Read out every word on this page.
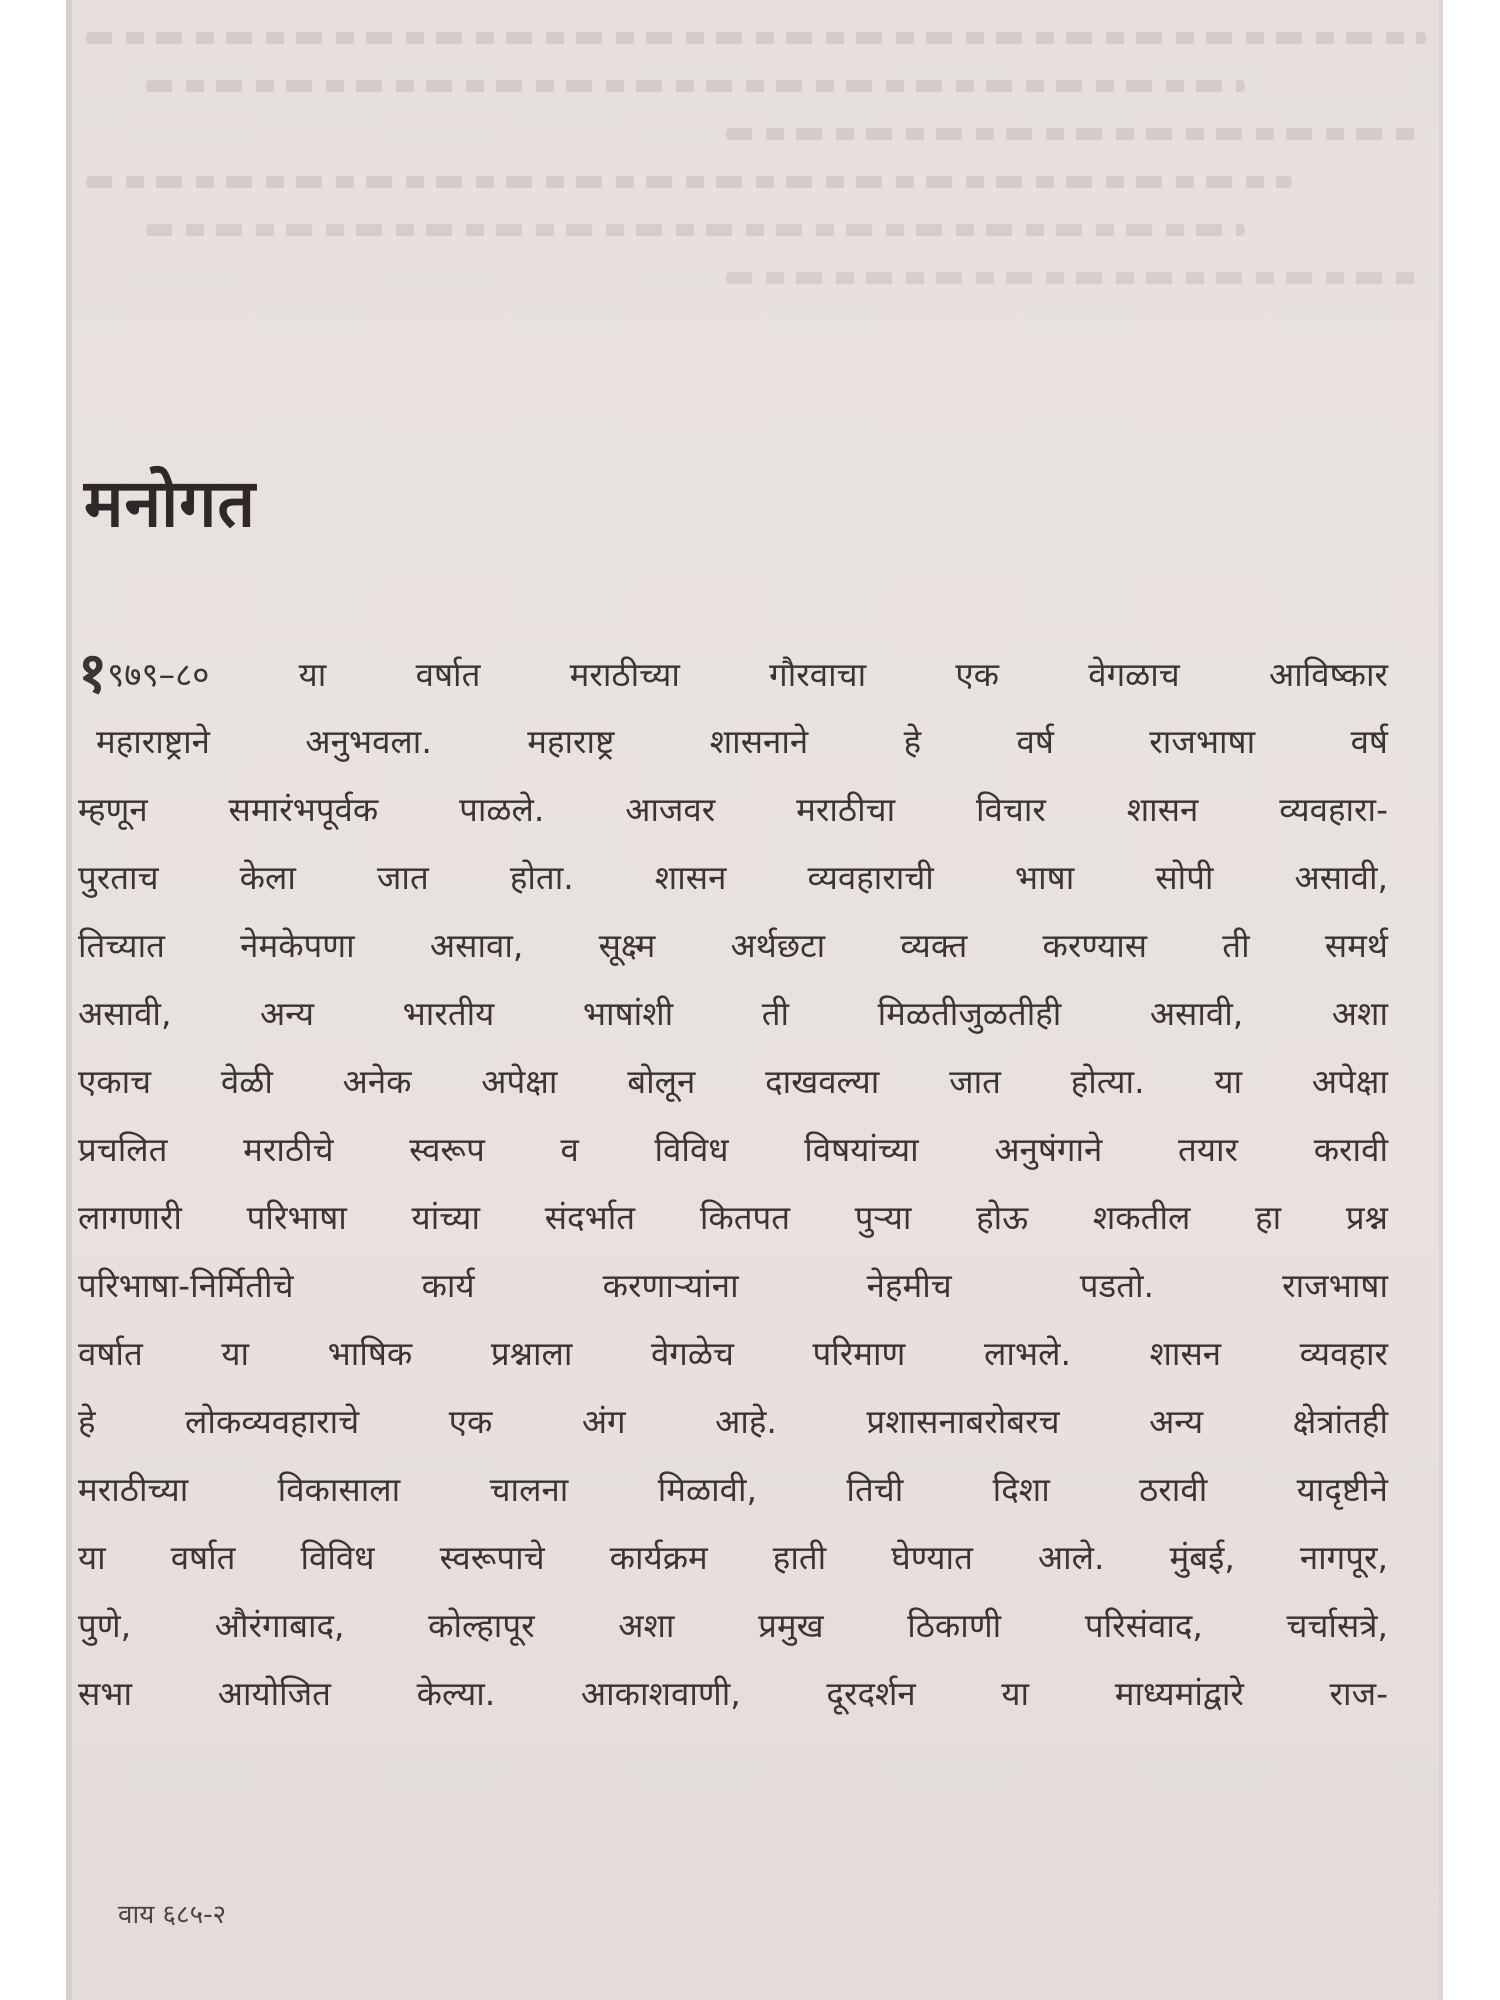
मनोगत
१९७९–८० या वर्षात मराठीच्या गौरवाचा एक वेगळाच आविष्कार
महाराष्ट्राने अनुभवला. महाराष्ट्र शासनाने हे वर्ष राजभाषा वर्ष
म्हणून समारंभपूर्वक पाळले. आजवर मराठीचा विचार शासन व्यवहारा-
पुरताच केला जात होता. शासन व्यवहाराची भाषा सोपी असावी,
तिच्यात नेमकेपणा असावा, सूक्ष्म अर्थछटा व्यक्त करण्यास ती समर्थ
असावी, अन्य भारतीय भाषांशी ती मिळतीजुळतीही असावी, अशा
एकाच वेळी अनेक अपेक्षा बोलून दाखवल्या जात होत्या. या अपेक्षा
प्रचलित मराठीचे स्वरूप व विविध विषयांच्या अनुषंगाने तयार करावी
लागणारी परिभाषा यांच्या संदर्भात कितपत पुऱ्या होऊ शकतील हा प्रश्न
परिभाषा-निर्मितीचे कार्य करणाऱ्यांना नेहमीच पडतो. राजभाषा
वर्षात या भाषिक प्रश्नाला वेगळेच परिमाण लाभले. शासन व्यवहार
हे लोकव्यवहाराचे एक अंग आहे. प्रशासनाबरोबरच अन्य क्षेत्रांतही
मराठीच्या विकासाला चालना मिळावी, तिची दिशा ठरावी यादृष्टीने
या वर्षात विविध स्वरूपाचे कार्यक्रम हाती घेण्यात आले. मुंबई, नागपूर,
पुणे, औरंगाबाद, कोल्हापूर अशा प्रमुख ठिकाणी परिसंवाद, चर्चासत्रे,
सभा आयोजित केल्या. आकाशवाणी, दूरदर्शन या माध्यमांद्वारे राज-
वाय ६८५-२
